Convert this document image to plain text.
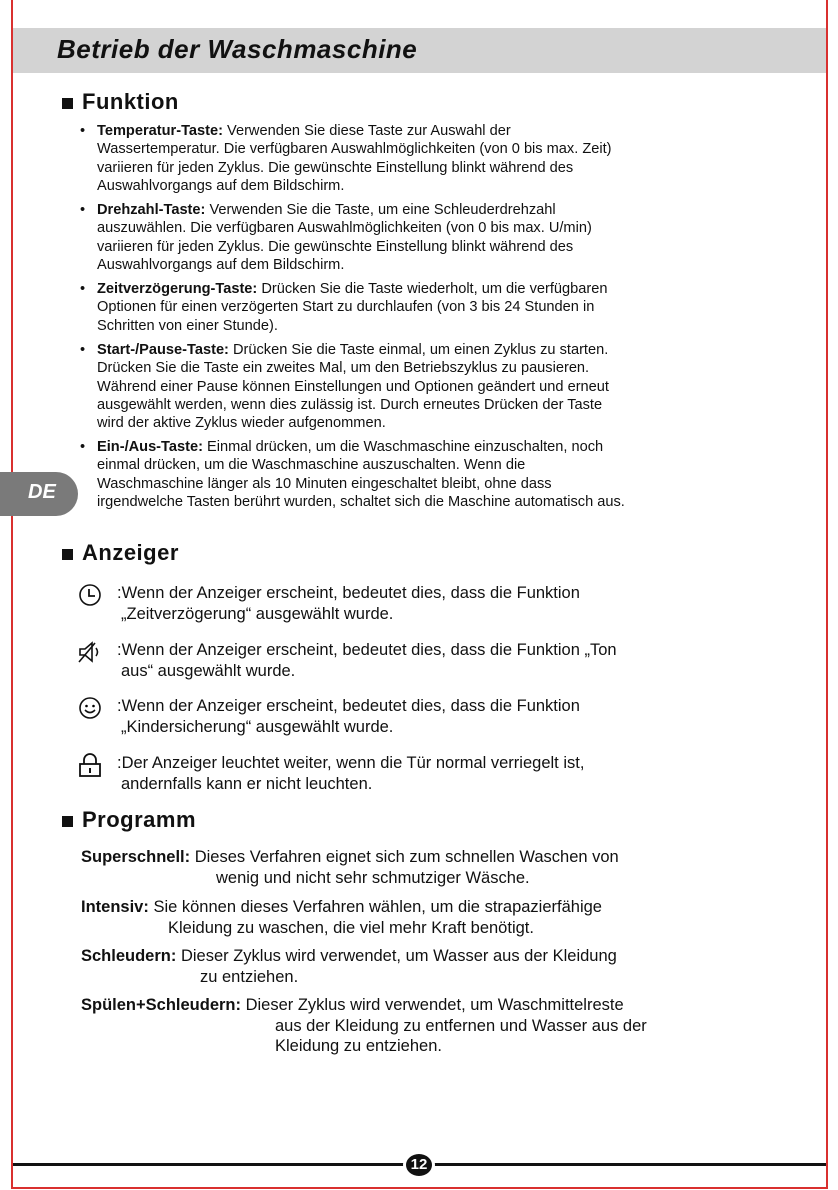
Betrieb der Waschmaschine
DE
Funktion
• Temperatur-Taste: Verwenden Sie diese Taste zur Auswahl der
Wassertemperatur. Die verfügbaren Auswahlmöglichkeiten (von 0 bis max. Zeit)
variieren für jeden Zyklus. Die gewünschte Einstellung blinkt während des
Auswahlvorgangs auf dem Bildschirm.
• Drehzahl-Taste: Verwenden Sie die Taste, um eine Schleuderdrehzahl
auszuwählen. Die verfügbaren Auswahlmöglichkeiten (von 0 bis max. U/min)
variieren für jeden Zyklus. Die gewünschte Einstellung blinkt während des
Auswahlvorgangs auf dem Bildschirm.
• Zeitverzögerung-Taste: Drücken Sie die Taste wiederholt, um die verfügbaren
Optionen für einen verzögerten Start zu durchlaufen (von 3 bis 24 Stunden in
Schritten von einer Stunde).
• Start-/Pause-Taste: Drücken Sie die Taste einmal, um einen Zyklus zu starten.
Drücken Sie die Taste ein zweites Mal, um den Betriebszyklus zu pausieren.
Während einer Pause können Einstellungen und Optionen geändert und erneut
ausgewählt werden, wenn dies zulässig ist. Durch erneutes Drücken der Taste
wird der aktive Zyklus wieder aufgenommen.
• Ein-/Aus-Taste: Einmal drücken, um die Waschmaschine einzuschalten, noch
einmal drücken, um die Waschmaschine auszuschalten. Wenn die
Waschmaschine länger als 10 Minuten eingeschaltet bleibt, ohne dass
irgendwelche Tasten berührt wurden, schaltet sich die Maschine automatisch aus.
Anzeiger
:Wenn der Anzeiger erscheint, bedeutet dies, dass die Funktion
„Zeitverzögerung“ ausgewählt wurde.
:Wenn der Anzeiger erscheint, bedeutet dies, dass die Funktion „Ton
aus“ ausgewählt wurde.
:Wenn der Anzeiger erscheint, bedeutet dies, dass die Funktion
„Kindersicherung“ ausgewählt wurde.
:Der Anzeiger leuchtet weiter, wenn die Tür normal verriegelt ist,
andernfalls kann er nicht leuchten.
Programm
Superschnell: Dieses Verfahren eignet sich zum schnellen Waschen von
wenig und nicht sehr schmutziger Wäsche.
Intensiv: Sie können dieses Verfahren wählen, um die strapazierfähige
Kleidung zu waschen, die viel mehr Kraft benötigt.
Schleudern: Dieser Zyklus wird verwendet, um Wasser aus der Kleidung
zu entziehen.
Spülen+Schleudern: Dieser Zyklus wird verwendet, um Waschmittelreste
aus der Kleidung zu entfernen und Wasser aus der
Kleidung zu entziehen.
12
